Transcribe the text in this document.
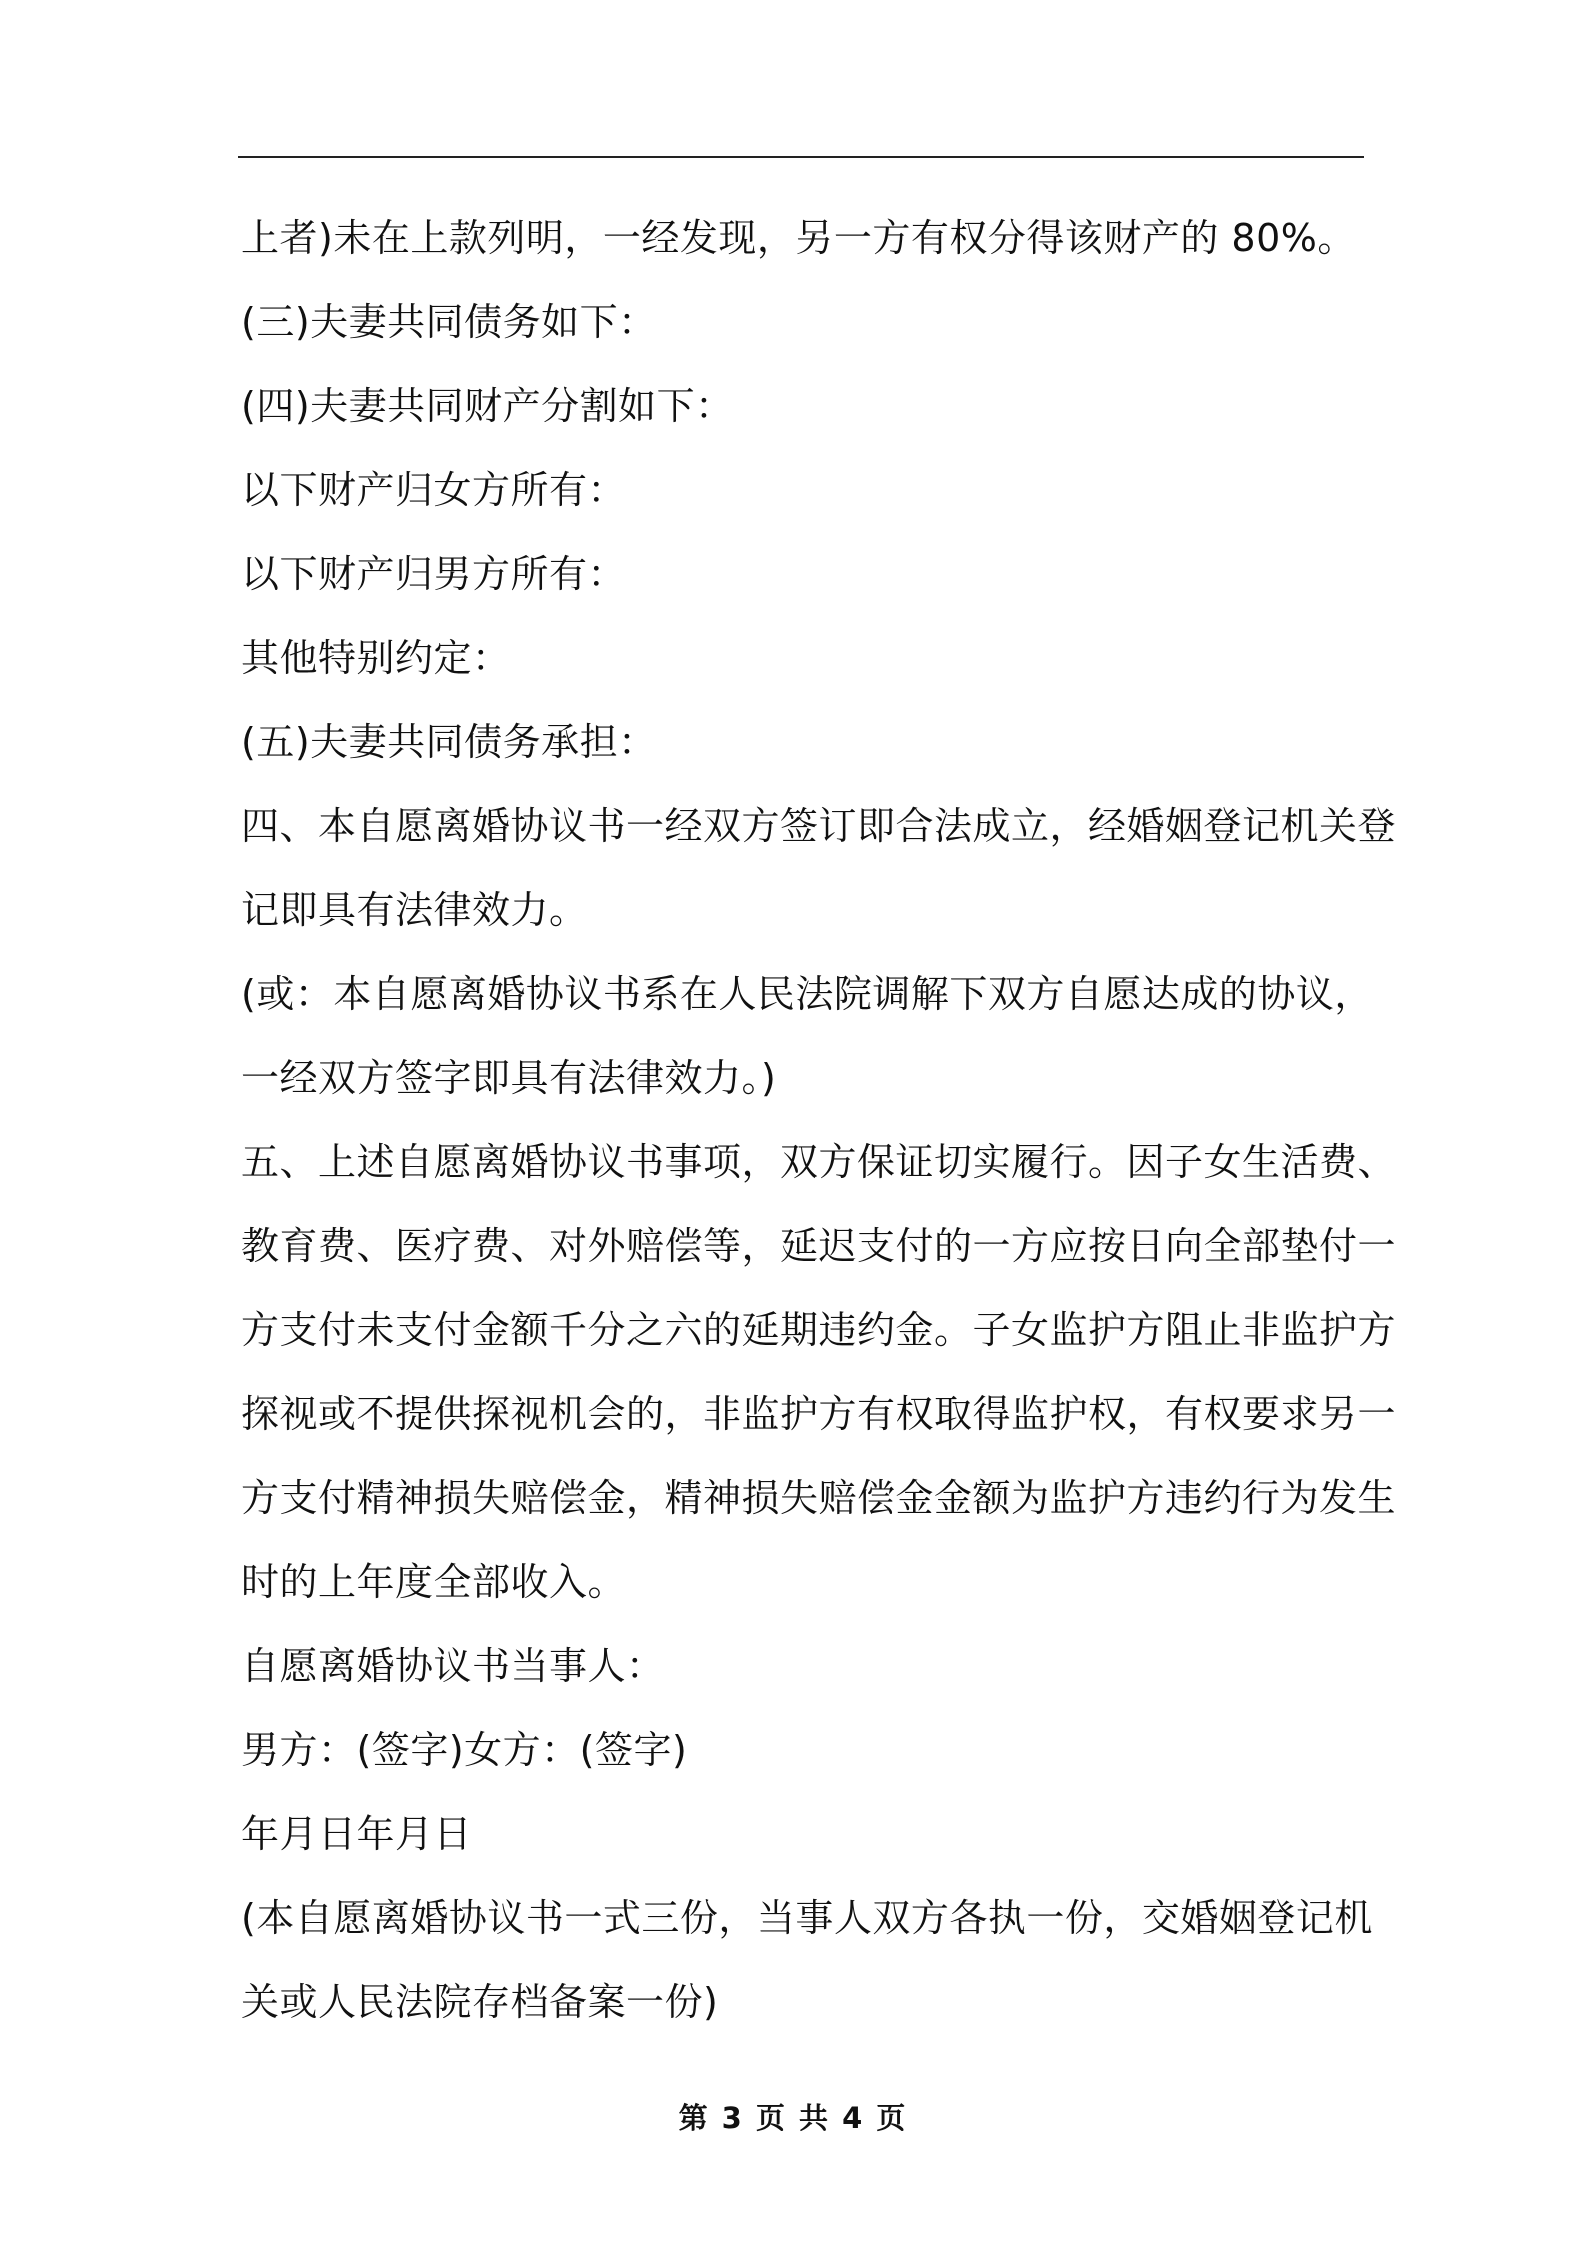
上者)未在上款列明，一经发现，另一方有权分得该财产的 80%。
(三)夫妻共同债务如下：
(四)夫妻共同财产分割如下：
以下财产归女方所有：
以下财产归男方所有：
其他特别约定：
(五)夫妻共同债务承担：
四、本自愿离婚协议书一经双方签订即合法成立，经婚姻登记机关登
记即具有法律效力。
(或：本自愿离婚协议书系在人民法院调解下双方自愿达成的协议，
一经双方签字即具有法律效力。)
五、上述自愿离婚协议书事项，双方保证切实履行。因子女生活费、
教育费、医疗费、对外赔偿等，延迟支付的一方应按日向全部垫付一
方支付未支付金额千分之六的延期违约金。子女监护方阻止非监护方
探视或不提供探视机会的，非监护方有权取得监护权，有权要求另一
方支付精神损失赔偿金，精神损失赔偿金金额为监护方违约行为发生
时的上年度全部收入。
自愿离婚协议书当事人：
男方：(签字)女方：(签字)
年月日年月日
(本自愿离婚协议书一式三份，当事人双方各执一份，交婚姻登记机
关或人民法院存档备案一份)
第 3 页 共 4 页
